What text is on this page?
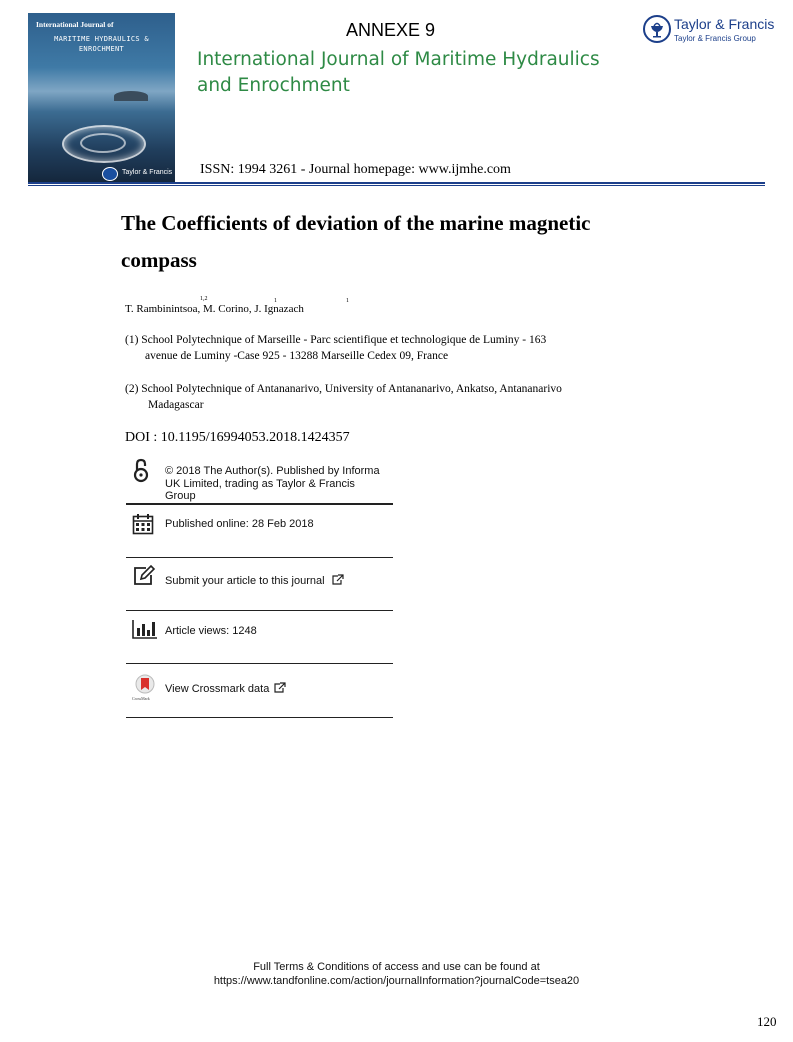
International Journal of
MARITIME HYDRAULICS &
ENROCHMENT
Taylor & Francis
ANNEXE 9
International Journal of Maritime Hydraulics
and Enrochment
ISSN: 1994 3261 - Journal homepage: www.ijmhe.com
Taylor & Francis
Taylor & Francis Group
The Coefficients of deviation of the marine magnetic
compass
T. Rambinintsoa, M. Corino, J. Ignazach
1,2	1	1
(1) School Polytechnique of Marseille - Parc scientifique et technologique de Luminy - 163
avenue de Luminy -Case 925 - 13288 Marseille Cedex 09, France
(2) School Polytechnique of Antananarivo, University of Antananarivo, Ankatso, Antananarivo
Madagascar
DOI : 10.1195/16994053.2018.1424357
© 2018 The Author(s). Published by Informa
UK Limited, trading as Taylor & Francis
Group
Published online: 28 Feb 2018
Submit your article to this journal
Article views: 1248
CrossMark
View Crossmark data
Full Terms & Conditions of access and use can be found at
https://www.tandfonline.com/action/journalInformation?journalCode=tsea20
120
